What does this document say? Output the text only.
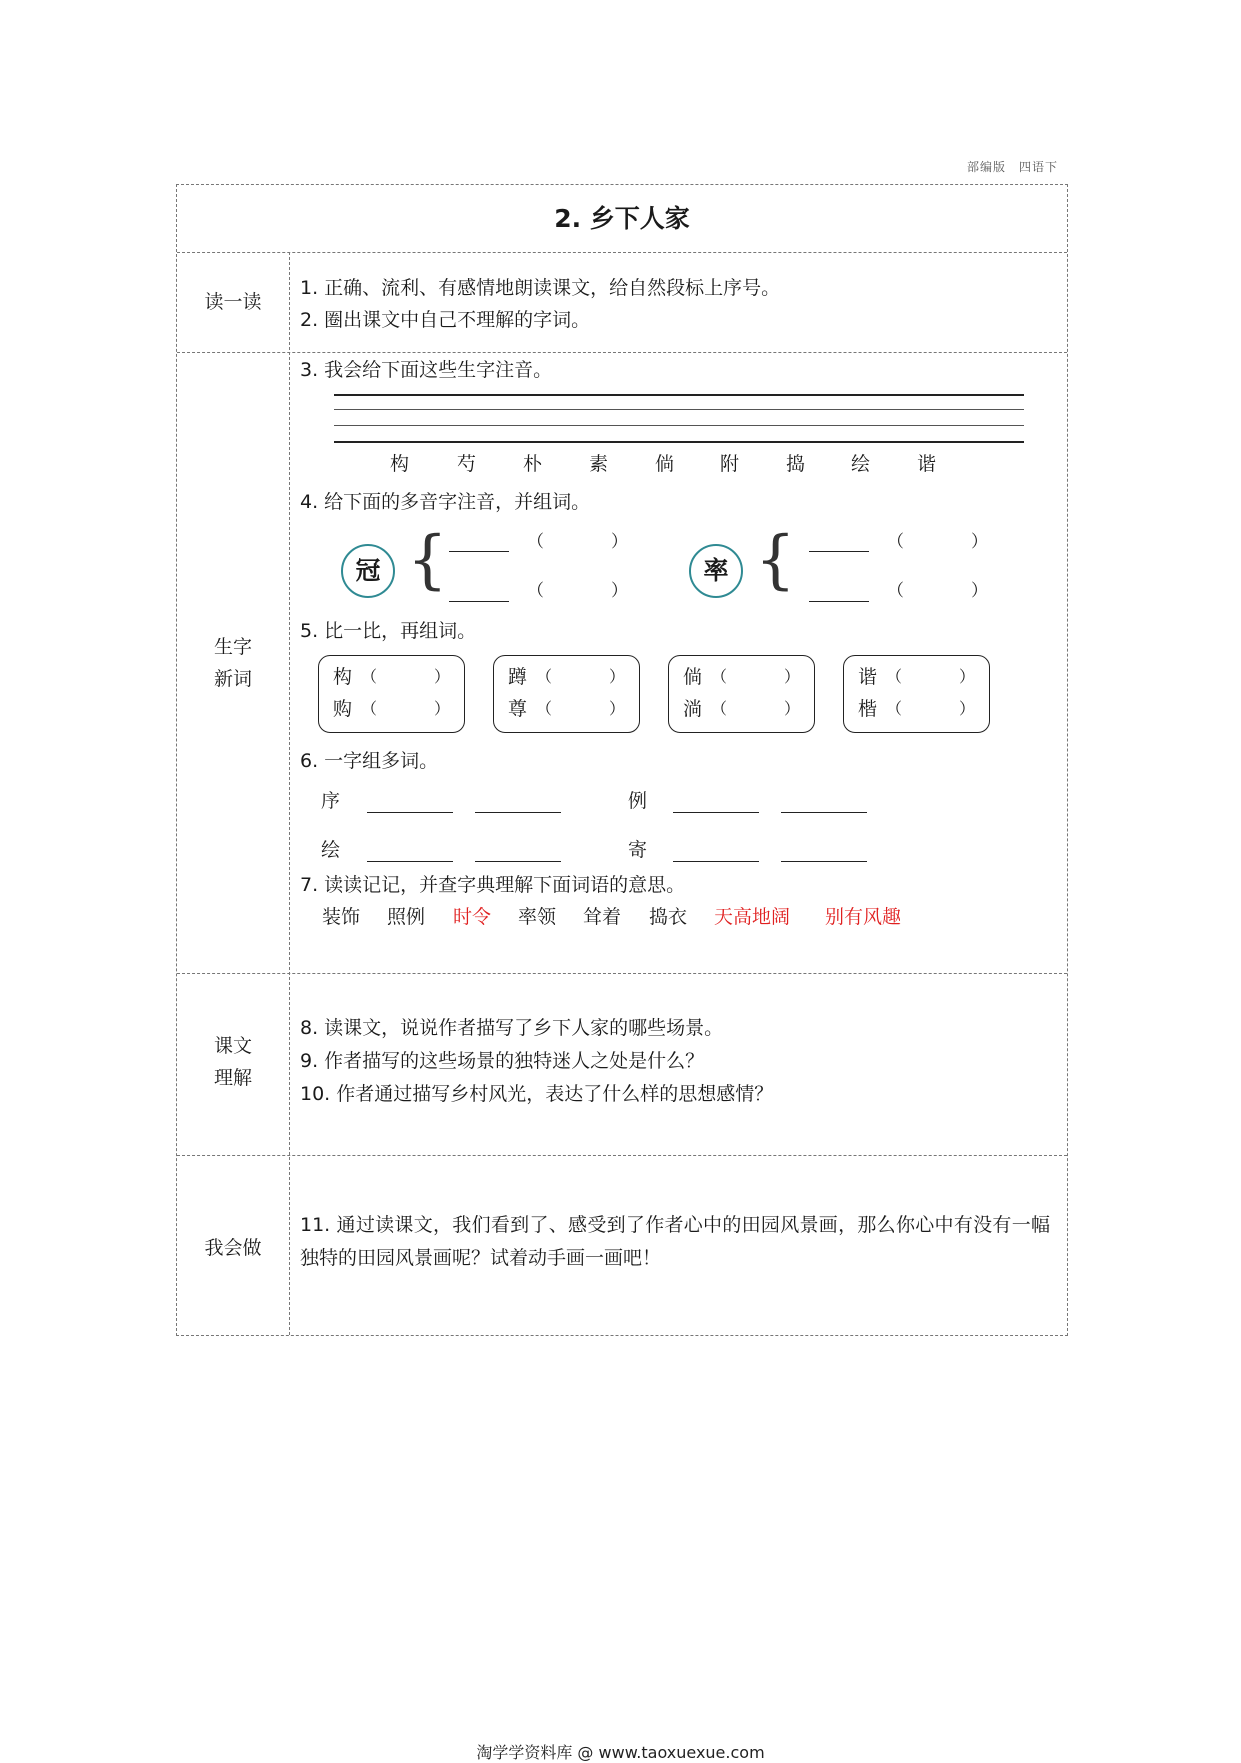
部编版　四语下
2. 乡下人家
读一读
1. 正确、流利、有感情地朗读课文，给自然段标上序号。
2. 圈出课文中自己不理解的字词。
生字
新词
3. 我会给下面这些生字注音。
构	芍 朴 素 倘 附 捣 绘 谐
4. 给下面的多音字注音，并组词。
冠 {	（	）
（	）
率 {	（	）
（	）
5. 比一比，再组词。
构 （	）
购 （	）
蹲 （	）
尊 （	）
倘 （	）
淌 （	）
谐 （	）
楷 （	）
6. 一字组多词。
序	例
绘	寄
7. 读读记记，并查字典理解下面词语的意思。
装饰 照例 时令 率领 耸着 捣衣 天高地阔 别有风趣
课文
理解
8. 读课文，说说作者描写了乡下人家的哪些场景。
9. 作者描写的这些场景的独特迷人之处是什么？
10. 作者通过描写乡村风光，表达了什么样的思想感情？
我会做
11. 通过读课文，我们看到了、感受到了作者心中的田园风景画，那么你心中有没有一幅独特的田园风景画呢？试着动手画一画吧！
淘学学资料库 @ www.taoxuexue.com
